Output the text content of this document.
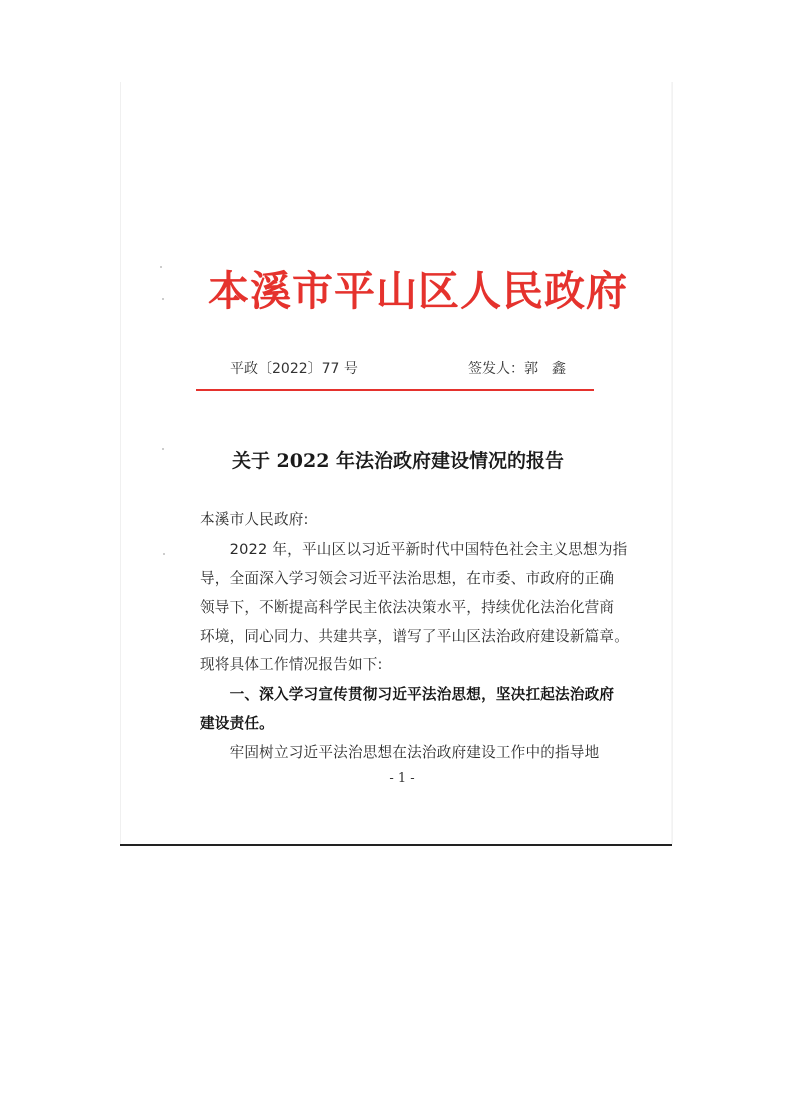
本溪市平山区人民政府
平政〔2022〕77 号	签发人：郭　鑫
关于 2022 年法治政府建设情况的报告
本溪市人民政府:
　　2022 年，平山区以习近平新时代中国特色社会主义思想为指
导，全面深入学习领会习近平法治思想，在市委、市政府的正确
领导下，不断提高科学民主依法决策水平，持续优化法治化营商
环境，同心同力、共建共享，谱写了平山区法治政府建设新篇章。
现将具体工作情况报告如下:
　　一、深入学习宣传贯彻习近平法治思想，坚决扛起法治政府
建设责任。
　　牢固树立习近平法治思想在法治政府建设工作中的指导地
- 1 -
